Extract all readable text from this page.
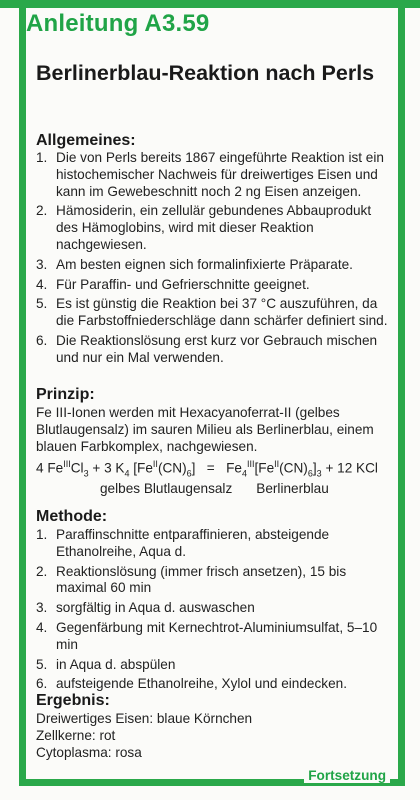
Anleitung A3.59
Berlinerblau-Reaktion nach Perls
Allgemeines:
1. Die von Perls bereits 1867 eingeführte Reaktion ist ein histochemischer Nachweis für dreiwertiges Eisen und kann im Gewebeschnitt noch 2 ng Eisen anzeigen.
2. Hämosiderin, ein zellulär gebundenes Abbauprodukt des Hämoglobins, wird mit dieser Reaktion nachgewiesen.
3. Am besten eignen sich formalinfixierte Präparate.
4. Für Paraffin- und Gefrierschnitte geeignet.
5. Es ist günstig die Reaktion bei 37 °C auszuführen, da die Farbstoffniederschläge dann schärfer definiert sind.
6. Die Reaktionslösung erst kurz vor Gebrauch mischen und nur ein Mal verwenden.
Prinzip:
Fe III-Ionen werden mit Hexacyanoferrat-II (gelbes Blutlaugensalz) im sauren Milieu als Berlinerblau, einem blauen Farbkomplex, nachgewiesen.
4 $Fe^{III}Cl_3 + 3$ $K_4$ $[Fe^{II}(CN)_6] = Fe_4^{III}[Fe^{II}(CN)_6]_3 + 12$ KCl
gelbes Blutlaugensalz Berlinerblau
Methode:
1. Paraffinschnitte entparaffinieren, absteigende Ethanolreihe, Aqua d.
2. Reaktionslösung (immer frisch ansetzen), 15 bis maximal 60 min
3. sorgfältig in Aqua d. auswaschen
4. Gegenfärbung mit Kernechtrot-Aluminiumsulfat, 5–10 min
5. in Aqua d. abspülen
6. aufsteigende Ethanolreihe, Xylol und eindecken.
Ergebnis:
Dreiwertiges Eisen: blaue Körnchen
Zellkerne: rot
Cytoplasma: rosa
Fortsetzung
